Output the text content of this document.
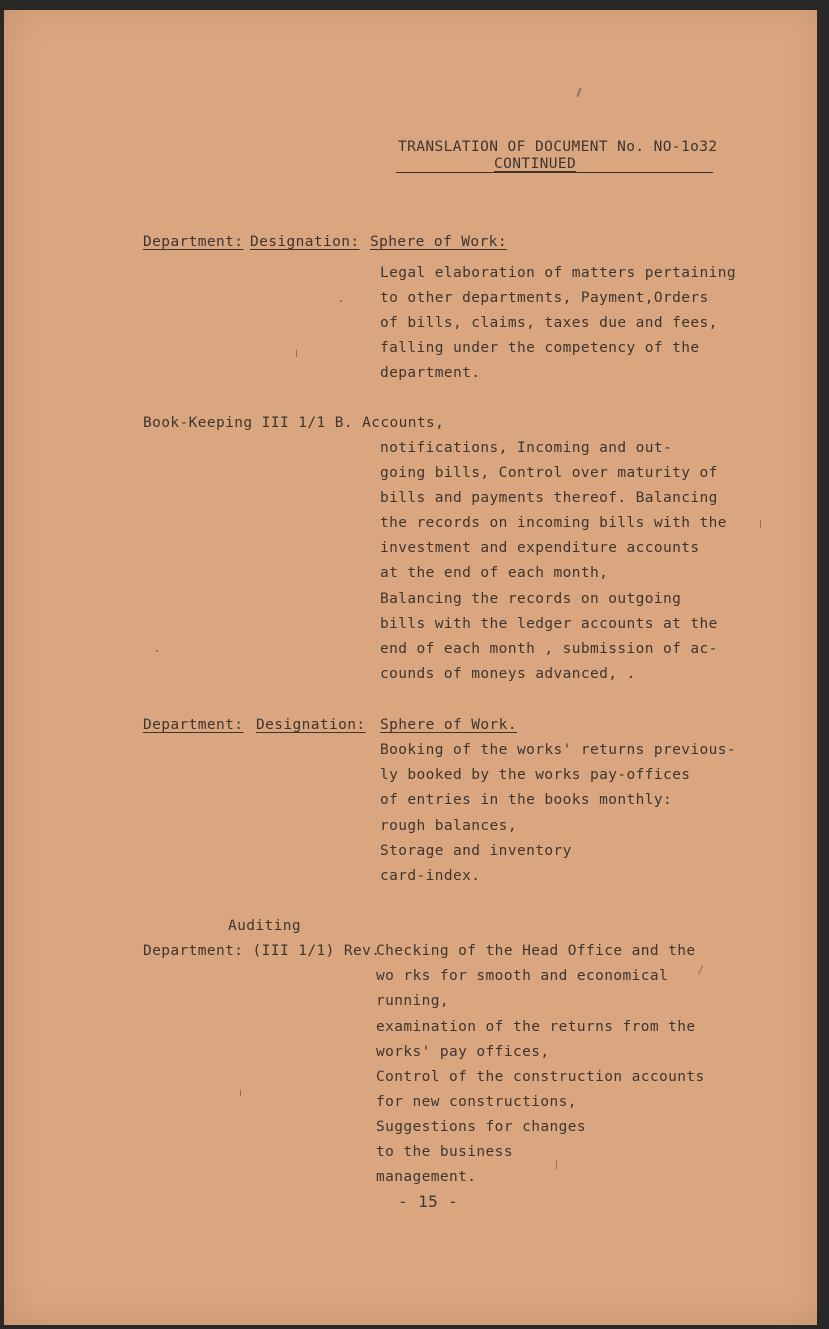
TRANSLATION OF DOCUMENT No. NO-1o32
CONTINUED
Department: Designation: Sphere of Work:
Legal elaboration of matters pertaining
to other departments, Payment,Orders
of bills, claims, taxes due and fees,
falling under the competency of the
department.
Book-Keeping III 1/1 B. Accounts,
notifications, Incoming and out-
going bills, Control over maturity of
bills and payments thereof. Balancing
the records on incoming bills with the
investment and expenditure accounts
at the end of each month,
Balancing the records on outgoing
bills with the ledger accounts at the
end of each month , submission of ac-
counds of moneys advanced, .
Department: Designation: Sphere of Work.
Booking of the works' returns previous-
ly booked by the works pay-offices
of entries in the books monthly:
rough balances,
Storage and inventory
card-index.
Auditing
Department: (III 1/1) Rev.
Checking of the Head Office and the
wo rks for smooth and economical
running,
examination of the returns from the
works' pay offices,
Control of the construction accounts
for new constructions,
Suggestions for changes
to the business
management.
- 15 -
